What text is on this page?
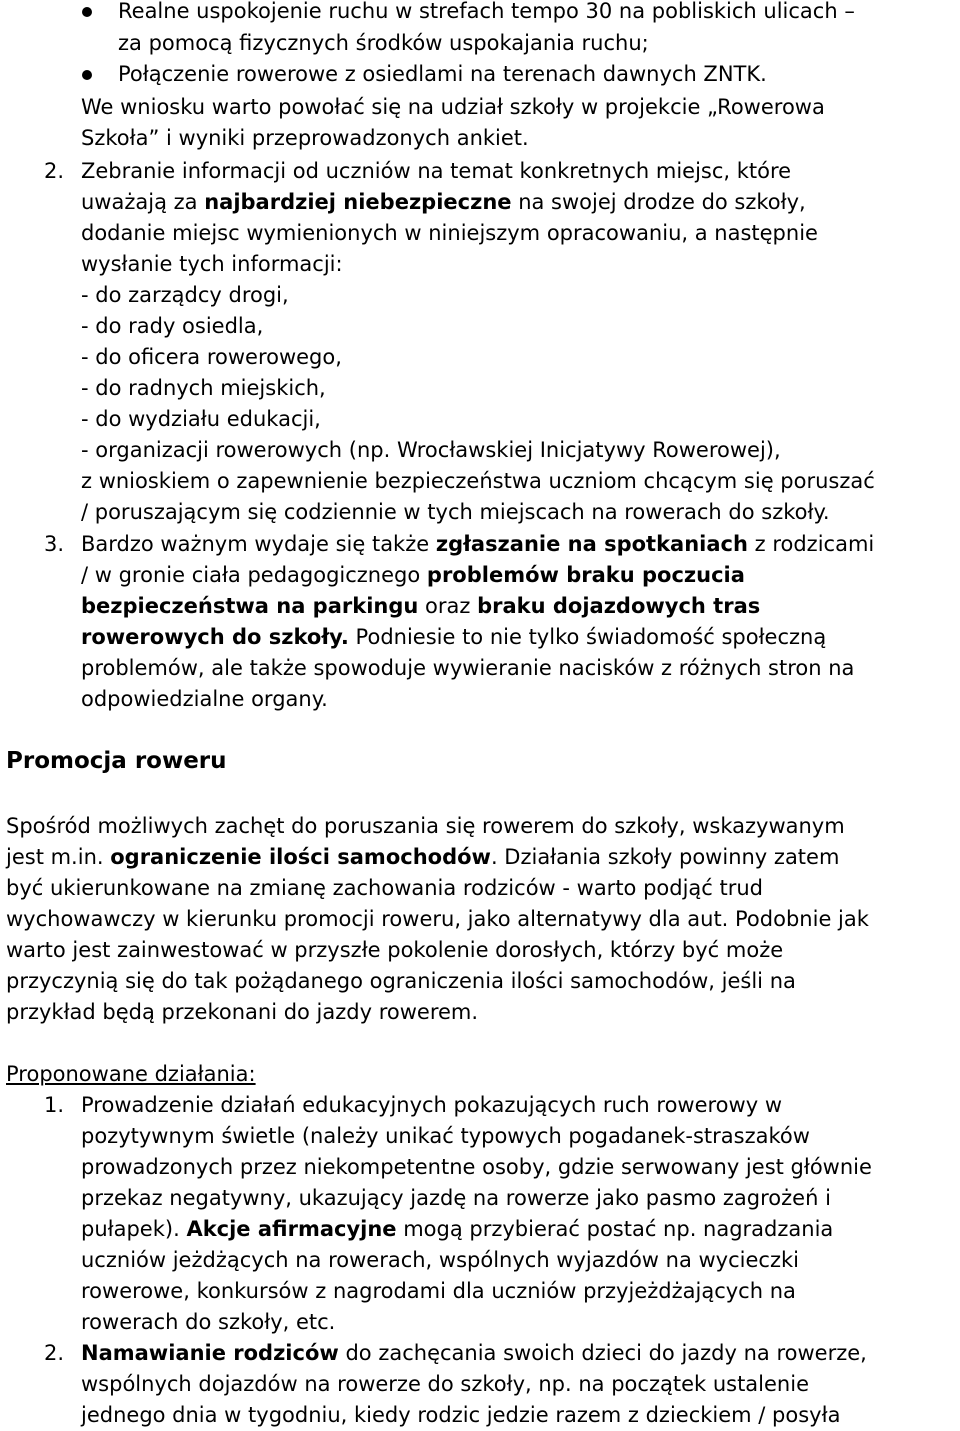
Realne uspokojenie ruchu w strefach tempo 30 na pobliskich ulicach –
za pomocą fizycznych środków uspokajania ruchu;
Połączenie rowerowe z osiedlami na terenach dawnych ZNTK.
We wniosku warto powołać się na udział szkoły w projekcie „Rowerowa
Szkoła” i wyniki przeprowadzonych ankiet.
2. Zebranie informacji od uczniów na temat konkretnych miejsc, które
uważają za najbardziej niebezpieczne na swojej drodze do szkoły,
dodanie miejsc wymienionych w niniejszym opracowaniu, a następnie
wysłanie tych informacji:
- do zarządcy drogi,
- do rady osiedla,
- do oficera rowerowego,
- do radnych miejskich,
- do wydziału edukacji,
- organizacji rowerowych (np. Wrocławskiej Inicjatywy Rowerowej),
z wnioskiem o zapewnienie bezpieczeństwa uczniom chcącym się poruszać
/ poruszającym się codziennie w tych miejscach na rowerach do szkoły.
3. Bardzo ważnym wydaje się także zgłaszanie na spotkaniach z rodzicami
/ w gronie ciała pedagogicznego problemów braku poczucia
bezpieczeństwa na parkingu oraz braku dojazdowych tras
rowerowych do szkoły. Podniesie to nie tylko świadomość społeczną
problemów, ale także spowoduje wywieranie nacisków z różnych stron na
odpowiedzialne organy.
Promocja roweru
Spośród możliwych zachęt do poruszania się rowerem do szkoły, wskazywanym
jest m.in. ograniczenie ilości samochodów. Działania szkoły powinny zatem
być ukierunkowane na zmianę zachowania rodziców - warto podjąć trud
wychowawczy w kierunku promocji roweru, jako alternatywy dla aut. Podobnie jak
warto jest zainwestować w przyszłe pokolenie dorosłych, którzy być może
przyczynią się do tak pożądanego ograniczenia ilości samochodów, jeśli na
przykład będą przekonani do jazdy rowerem.
Proponowane działania:
1. Prowadzenie działań edukacyjnych pokazujących ruch rowerowy w
pozytywnym świetle (należy unikać typowych pogadanek-straszaków
prowadzonych przez niekompetentne osoby, gdzie serwowany jest głównie
przekaz negatywny, ukazujący jazdę na rowerze jako pasmo zagrożeń i
pułapek). Akcje afirmacyjne mogą przybierać postać np. nagradzania
uczniów jeżdżących na rowerach, wspólnych wyjazdów na wycieczki
rowerowe, konkursów z nagrodami dla uczniów przyjeżdżających na
rowerach do szkoły, etc.
2. Namawianie rodziców do zachęcania swoich dzieci do jazdy na rowerze,
wspólnych dojazdów na rowerze do szkoły, np. na początek ustalenie
jednego dnia w tygodniu, kiedy rodzic jedzie razem z dzieckiem / posyła
